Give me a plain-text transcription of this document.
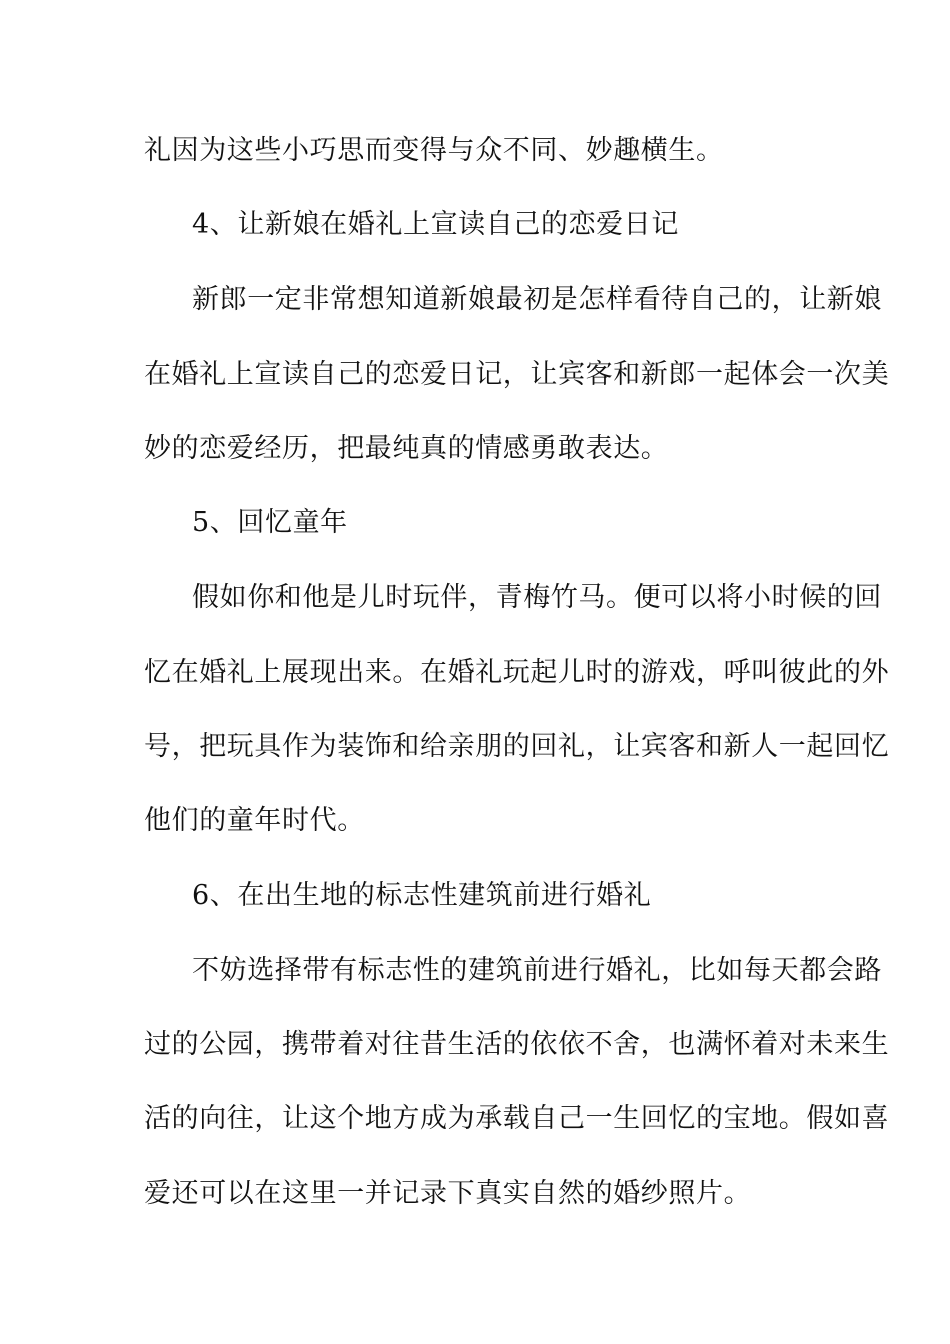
礼因为这些小巧思而变得与众不同、妙趣横生。
4、让新娘在婚礼上宣读自己的恋爱日记
新郎一定非常想知道新娘最初是怎样看待自己的，让新娘
在婚礼上宣读自己的恋爱日记，让宾客和新郎一起体会一次美
妙的恋爱经历，把最纯真的情感勇敢表达。
5、回忆童年
假如你和他是儿时玩伴，青梅竹马。便可以将小时候的回
忆在婚礼上展现出来。在婚礼玩起儿时的游戏，呼叫彼此的外
号，把玩具作为装饰和给亲朋的回礼，让宾客和新人一起回忆
他们的童年时代。
6、在出生地的标志性建筑前进行婚礼
不妨选择带有标志性的建筑前进行婚礼，比如每天都会路
过的公园，携带着对往昔生活的依依不舍，也满怀着对未来生
活的向往，让这个地方成为承载自己一生回忆的宝地。假如喜
爱还可以在这里一并记录下真实自然的婚纱照片。
